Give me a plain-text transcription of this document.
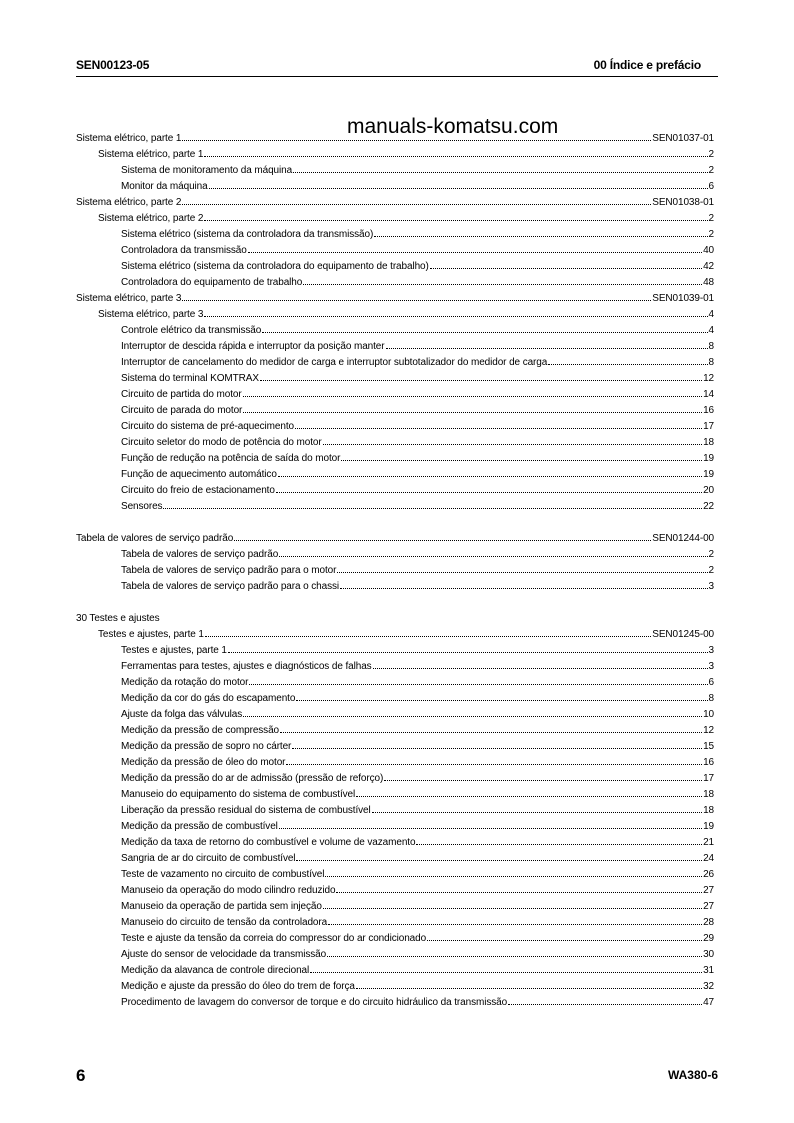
SEN00123-05	00 Índice e prefácio
manuals-komatsu.com
Sistema elétrico, parte 1	SEN01037-01
Sistema elétrico, parte 1	2
Sistema de monitoramento da máquina	2
Monitor da máquina	6
Sistema elétrico, parte 2	SEN01038-01
Sistema elétrico, parte 2	2
Sistema elétrico (sistema da controladora da transmissão)	2
Controladora da transmissão	40
Sistema elétrico (sistema da controladora do equipamento de trabalho)	42
Controladora do equipamento de trabalho	48
Sistema elétrico, parte 3	SEN01039-01
Sistema elétrico, parte 3	4
Controle elétrico da transmissão	4
Interruptor de descida rápida e interruptor da posição manter	8
Interruptor de cancelamento do medidor de carga e interruptor subtotalizador do medidor de carga	8
Sistema do terminal KOMTRAX	12
Circuito de partida do motor	14
Circuito de parada do motor	16
Circuito do sistema de pré-aquecimento	17
Circuito seletor do modo de potência do motor	18
Função de redução na potência de saída do motor	19
Função de aquecimento automático	19
Circuito do freio de estacionamento	20
Sensores	22
Tabela de valores de serviço padrão	SEN01244-00
Tabela de valores de serviço padrão	2
Tabela de valores de serviço padrão para o motor	2
Tabela de valores de serviço padrão para o chassi	3
30 Testes e ajustes
Testes e ajustes, parte 1	SEN01245-00
Testes e ajustes, parte 1	3
Ferramentas para testes, ajustes e diagnósticos de falhas	3
Medição da rotação do motor	6
Medição da cor do gás do escapamento	8
Ajuste da folga das válvulas	10
Medição da pressão de compressão	12
Medição da pressão de sopro no cárter	15
Medição da pressão de óleo do motor	16
Medição da pressão do ar de admissão (pressão de reforço)	17
Manuseio do equipamento do sistema de combustível	18
Liberação da pressão residual do sistema de combustível	18
Medição da pressão de combustível	19
Medição da taxa de retorno do combustível e volume de vazamento	21
Sangria de ar do circuito de combustível	24
Teste de vazamento no circuito de combustível	26
Manuseio da operação do modo cilindro reduzido	27
Manuseio da operação de partida sem injeção	27
Manuseio do circuito de tensão da controladora	28
Teste e ajuste da tensão da correia do compressor do ar condicionado	29
Ajuste do sensor de velocidade da transmissão	30
Medição da alavanca de controle direcional	31
Medição e ajuste da pressão do óleo do trem de força	32
Procedimento de lavagem do conversor de torque e do circuito hidráulico da transmissão	47
6	WA380-6
